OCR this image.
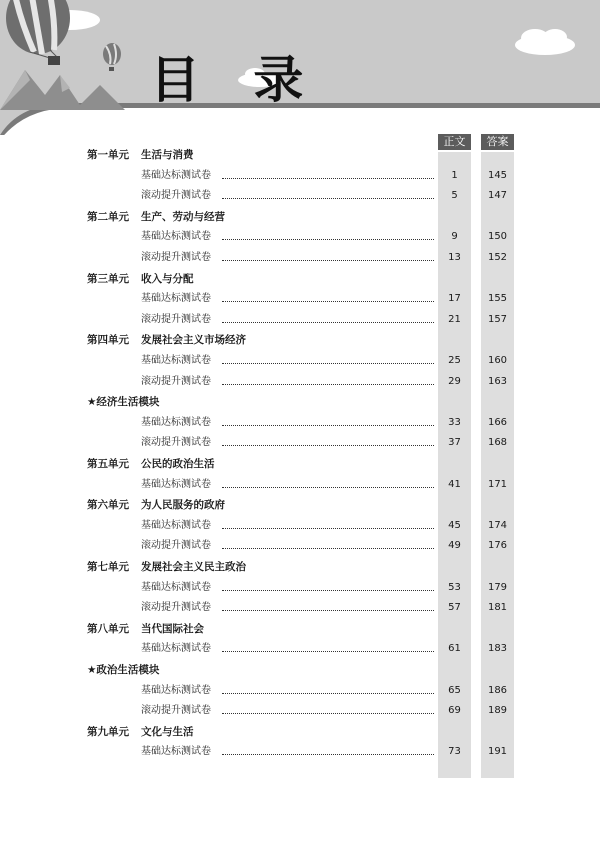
目 录
正文	答案
第一单元 生活与消费
基础达标测试卷	1	145
滚动提升测试卷	5	147
第二单元 生产、劳动与经营
基础达标测试卷	9	150
滚动提升测试卷	13	152
第三单元 收入与分配
基础达标测试卷	17	155
滚动提升测试卷	21	157
第四单元 发展社会主义市场经济
基础达标测试卷	25	160
滚动提升测试卷	29	163
★经济生活模块
基础达标测试卷	33	166
滚动提升测试卷	37	168
第五单元 公民的政治生活
基础达标测试卷	41	171
第六单元 为人民服务的政府
基础达标测试卷	45	174
滚动提升测试卷	49	176
第七单元 发展社会主义民主政治
基础达标测试卷	53	179
滚动提升测试卷	57	181
第八单元 当代国际社会
基础达标测试卷	61	183
★政治生活模块
基础达标测试卷	65	186
滚动提升测试卷	69	189
第九单元 文化与生活
基础达标测试卷	73	191
